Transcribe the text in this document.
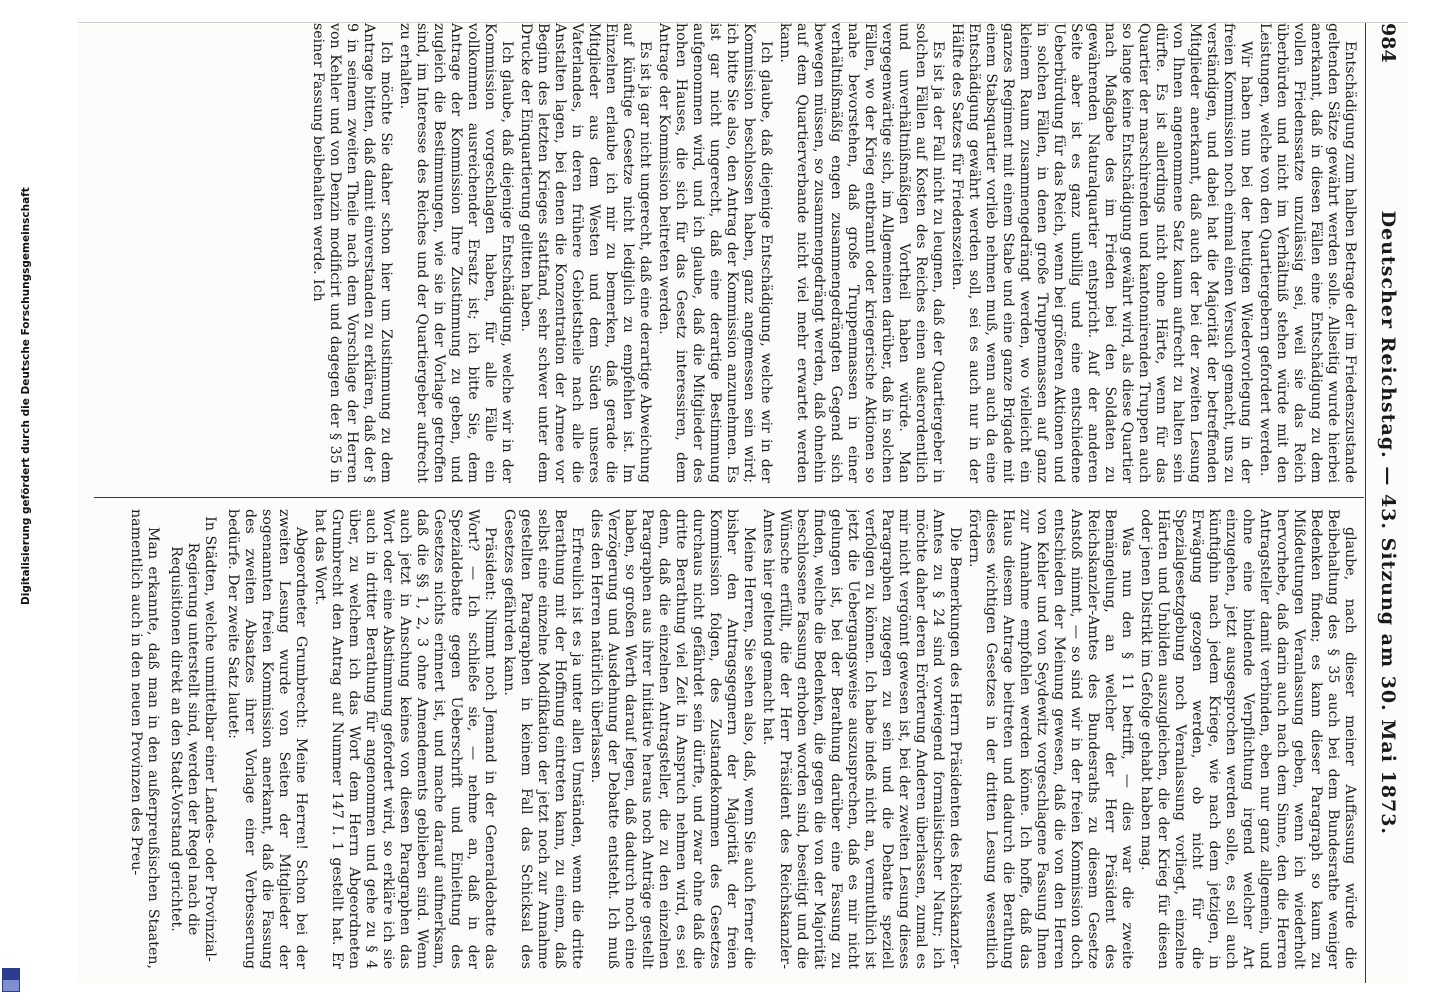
984
Deutscher Reichstag. — 43. Sitzung am 30. Mai 1873.

Entschädigung zum halben Betrage der im Friedenszustande geltenden Sätze gewährt werden solle. Allseitig wurde hierbei anerkannt, daß in diesen Fällen eine Entschädigung zu dem vollen Friedenssatze unzulässig sei, weil sie das Reich überbürden und nicht im Verhältniß stehen würde mit den Leistungen, welche von den Quartiergebern gefordert werden.

Wir haben nun bei der heutigen Wiedervorlegung in der freien Kommission noch einmal einen Versuch gemacht, uns zu verständigen, und dabei hat die Majorität der betreffenden Mitglieder anerkannt, daß auch der bei der zweiten Lesung von Ihnen angenommene Satz kaum aufrecht zu halten sein dürfte. Es ist allerdings nicht ohne Härte, wenn für das Quartier der marschirenden und kantonnirenden Truppen auch so lange keine Entschädigung gewährt wird, als diese Quartier nach Maßgabe des im Frieden bei den Soldaten zu gewährenden Naturalquartier entspricht. Auf der anderen Seite aber ist es ganz unbillig und eine entschiedene Ueberbürdung für das Reich, wenn bei größeren Aktionen und in solchen Fällen, in denen große Truppenmassen auf ganz kleinem Raum zusammengedrängt werden, wo vielleicht ein ganzes Regiment mit einem Stabe und eine ganze Brigade mit einem Stabsquartier vorlieb nehmen muß, wenn auch da eine Entschädigung gewährt werden soll, sei es auch nur in der Hälfte des Satzes für Friedenszeiten.

Es ist ja der Fall nicht zu leugnen, daß der Quartiergeber in solchen Fällen auf Kosten des Reiches einen außerordentlich und unverhältnißmäßigen Vortheil haben würde. Man vergegenwärtige sich, im Allgemeinen darüber, daß in solchen Fällen, wo der Krieg entbrannt oder kriegerische Aktionen so nahe bevorstehen, daß große Truppenmassen in einer verhältnißmäßig engen zusammengedrängten Gegend sich bewegen müssen, so zusammengedrängt werden, daß ohnehin auf dem Quartierverbande nicht viel mehr erwartet werden kann.

Ich glaube, daß diejenige Entschädigung, welche wir in der Kommission beschlossen haben, ganz angemessen sein wird; ich bitte Sie also, den Antrag der Kommission anzunehmen. Es ist gar nicht ungerecht, daß eine derartige Bestimmung aufgenommen wird, und ich glaube, daß die Mitglieder des hohen Hauses, die sich für das Gesetz interessiren, dem Antrage der Kommission beitreten werden.

Es ist ja gar nicht ungerecht, daß eine derartige Abweichung auf künftige Gesetze nicht lediglich zu empfehlen ist. Im Einzelnen erlaube ich mir zu bemerken, daß gerade die Mitglieder aus dem Westen und dem Süden unseres Vaterlandes, in deren frühere Gebietstheile nach alle die Anstalten lagen, bei denen die Konzentration der Armee vor Beginn des letzten Krieges stattfand, sehr schwer unter dem Drucke der Einquartierung gelitten haben.

Ich glaube, daß diejenige Entschädigung, welche wir in der Kommission vorgeschlagen haben, für alle Fälle ein vollkommen ausreichender Ersatz ist; ich bitte Sie, dem Antrage der Kommission Ihre Zustimmung zu geben, und zugleich die Bestimmungen, wie sie in der Vorlage getroffen sind, im Interesse des Reiches und der Quartiergeber aufrecht zu erhalten.

Ich möchte Sie daher schon hier um Zustimmung zu dem Antrage bitten, daß damit einverstanden zu erklären, daß der § 9 in seinem zweiten Theile nach dem Vorschlage der Herren von Kehler und von Denzin modificirt und dagegen der § 35 in seiner Fassung beibehalten werde. Ich

glaube, nach dieser meiner Auffassung würde die Beibehaltung des § 35 auch bei dem Bundesrathe weniger Bedenken finden; es kann dieser Paragraph so kaum zu Mißdeutungen Veranlassung geben, wenn ich wiederholt hervorhebe, daß darin auch nach dem Sinne, den die Herren Antragsteller damit verbinden, eben nur ganz allgemein, und ohne eine bindende Verpflichtung irgend welcher Art einzugehen, jetzt ausgesprochen werden solle, es soll auch künftighin nach jedem Kriege, wie nach dem jetzigen, in Erwägung gezogen werden, ob nicht für die Spezialgesetzgebung noch Veranlassung vorliegt, einzelne Härten und Unbilden auszugleichen, die der Krieg für diesen oder jenen Distrikt im Gefolge gehabt haben mag.

Was nun den § 11 betrifft, — dies war die zweite Bemängelung, an welcher der Herr Präsident des Reichskanzler-Amtes des Bundesraths zu diesem Gesetze Anstoß nimmt, — so sind wir in der freien Kommission doch entschieden der Meinung gewesen, daß die von den Herren von Kehler und von Seydewitz vorgeschlagene Fassung Ihnen zur Annahme empfohlen werden könne. Ich hoffe, daß das Haus diesem Antrage beitreten und dadurch die Berathung dieses wichtigen Gesetzes in der dritten Lesung wesentlich fördern.

Die Bemerkungen des Herrn Präsidenten des Reichskanzler-Amtes zu § 24 sind vorwiegend formalistischer Natur; ich möchte daher deren Erörterung Anderen überlassen, zumal es mir nicht vergönnt gewesen ist, bei der zweiten Lesung dieses Paragraphen zugegen zu sein und die Debatte speziell verfolgen zu können. Ich habe indeß nicht an, vermuthlich ist jetzt die Uebergangsweise auszusprechen, daß es mir nicht gelungen ist, bei der Berathung darüber eine Fassung zu finden, welche die Bedenken, die gegen die von der Majorität beschlossene Fassung erhoben worden sind, beseitigt und die Wünsche erfüllt, die der Herr Präsident des Reichskanzler-Amtes hier geltend gemacht hat.

Meine Herren, Sie sehen also, daß, wenn Sie auch ferner die bisher den Antragsgegnern der Majorität der freien Kommission folgen, des Zustandekommen des Gesetzes durchaus nicht gefährdet sein dürfte, und zwar ohne daß die dritte Berathung viel Zeit in Anspruch nehmen wird, es sei denn, daß die einzelnen Antragsteller, die zu den einzelnen Paragraphen aus ihrer Initiative heraus noch Anträge gestellt haben, so großen Werth darauf legen, daß dadurch noch eine Verzögerung und Ausdehnung der Debatte entsteht. Ich muß dies den Herren natürlich überlassen.

Erfreulich ist es ja unter allen Umständen, wenn die dritte Berathung mit der Hoffnung eintreten kann, zu einem, daß selbst eine einzelne Modifikation der jetzt noch zur Annahme gestellten Paragraphen in keinem Fall das Schicksal des Gesetzes gefährden kann.

Präsident: Nimmt noch Jemand in der Generaldebatte das Wort? — Ich schließe sie, — nehme an, daß in der Spezialdebatte gegen Ueberschrift und Einleitung des Gesetzes nichts erinnert ist, und mache darauf aufmerksam, daß die §§ 1, 2, 3 ohne Amendements geblieben sind. Wenn auch jetzt in Anschung keines von diesen Paragraphen das Wort oder eine Abstimmung gefordert wird, so erkläre ich sie auch in dritter Berathung für angenommen und gehe zu § 4 über, zu welchem ich das Wort dem Herrn Abgeordneten Grumbrecht den Antrag auf Nummer 147 I. 1 gestellt hat. Er hat das Wort.

Abgeordneter Grumbrecht: Meine Herren! Schon bei der zweiten Lesung wurde von Seiten der Mitglieder der sogenannten freien Kommission anerkannt, daß die Fassung des zweiten Absatzes ihrer Vorlage einer Verbesserung bedürfe. Der zweite Satz lautet:

In Städten, welche unmittelbar einer Landes- oder Provinzial-Regierung unterstellt sind, werden der Regel nach die Requisitionen direkt an den Stadt-Vorstand gerichtet.

Man erkannte, daß man in den außerpreußischen Staaten, namentlich auch in den neuen Provinzen des Preu-

Digitalisierung gefördert durch die Deutsche Forschungsgemeinschaft
